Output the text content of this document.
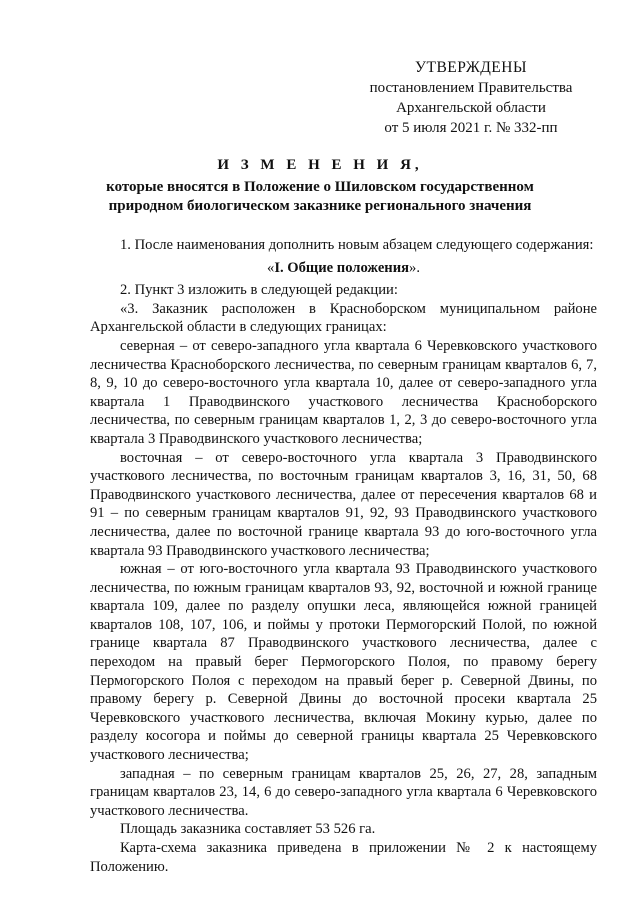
УТВЕРЖДЕНЫ
постановлением Правительства
Архангельской области
от 5 июля 2021 г. № 332-пп
И З М Е Н Е Н И Я,
которые вносятся в Положение о Шиловском государственном
природном биологическом заказнике регионального значения

1. После наименования дополнить новым абзацем следующего содержания:

«I. Общие положения».

2. Пункт 3 изложить в следующей редакции:

«3. Заказник расположен в Красноборском муниципальном районе Архангельской области в следующих границах:

северная – от северо-западного угла квартала 6 Черевковского участкового лесничества Красноборского лесничества, по северным границам кварталов 6, 7, 8, 9, 10 до северо-восточного угла квартала 10, далее от северо-западного угла квартала 1 Праводвинского участкового лесничества Красноборского лесничества, по северным границам кварталов 1, 2, 3 до северо-восточного угла квартала 3 Праводвинского участкового лесничества;

восточная – от северо-восточного угла квартала 3 Праводвинского участкового лесничества, по восточным границам кварталов 3, 16, 31, 50, 68 Праводвинского участкового лесничества, далее от пересечения кварталов 68 и 91 – по северным границам кварталов 91, 92, 93 Праводвинского участкового лесничества, далее по восточной границе квартала 93 до юго-восточного угла квартала 93 Праводвинского участкового лесничества;

южная – от юго-восточного угла квартала 93 Праводвинского участкового лесничества, по южным границам кварталов 93, 92, восточной и южной границе квартала 109, далее по разделу опушки леса, являющейся южной границей кварталов 108, 107, 106, и поймы у протоки Пермогорский Полой, по южной границе квартала 87 Праводвинского участкового лесничества, далее с переходом на правый берег Пермогорского Полоя, по правому берегу Пермогорского Полоя с переходом на правый берег р. Северной Двины, по правому берегу р. Северной Двины до восточной просеки квартала 25 Черевковского участкового лесничества, включая Мокину курью, далее по разделу косогора и поймы до северной границы квартала 25 Черевковского участкового лесничества;

западная – по северным границам кварталов 25, 26, 27, 28, западным границам кварталов 23, 14, 6 до северо-западного угла квартала 6 Черевковского участкового лесничества.

Площадь заказника составляет 53 526 га.

Карта-схема заказника приведена в приложении № 2 к настоящему Положению.
